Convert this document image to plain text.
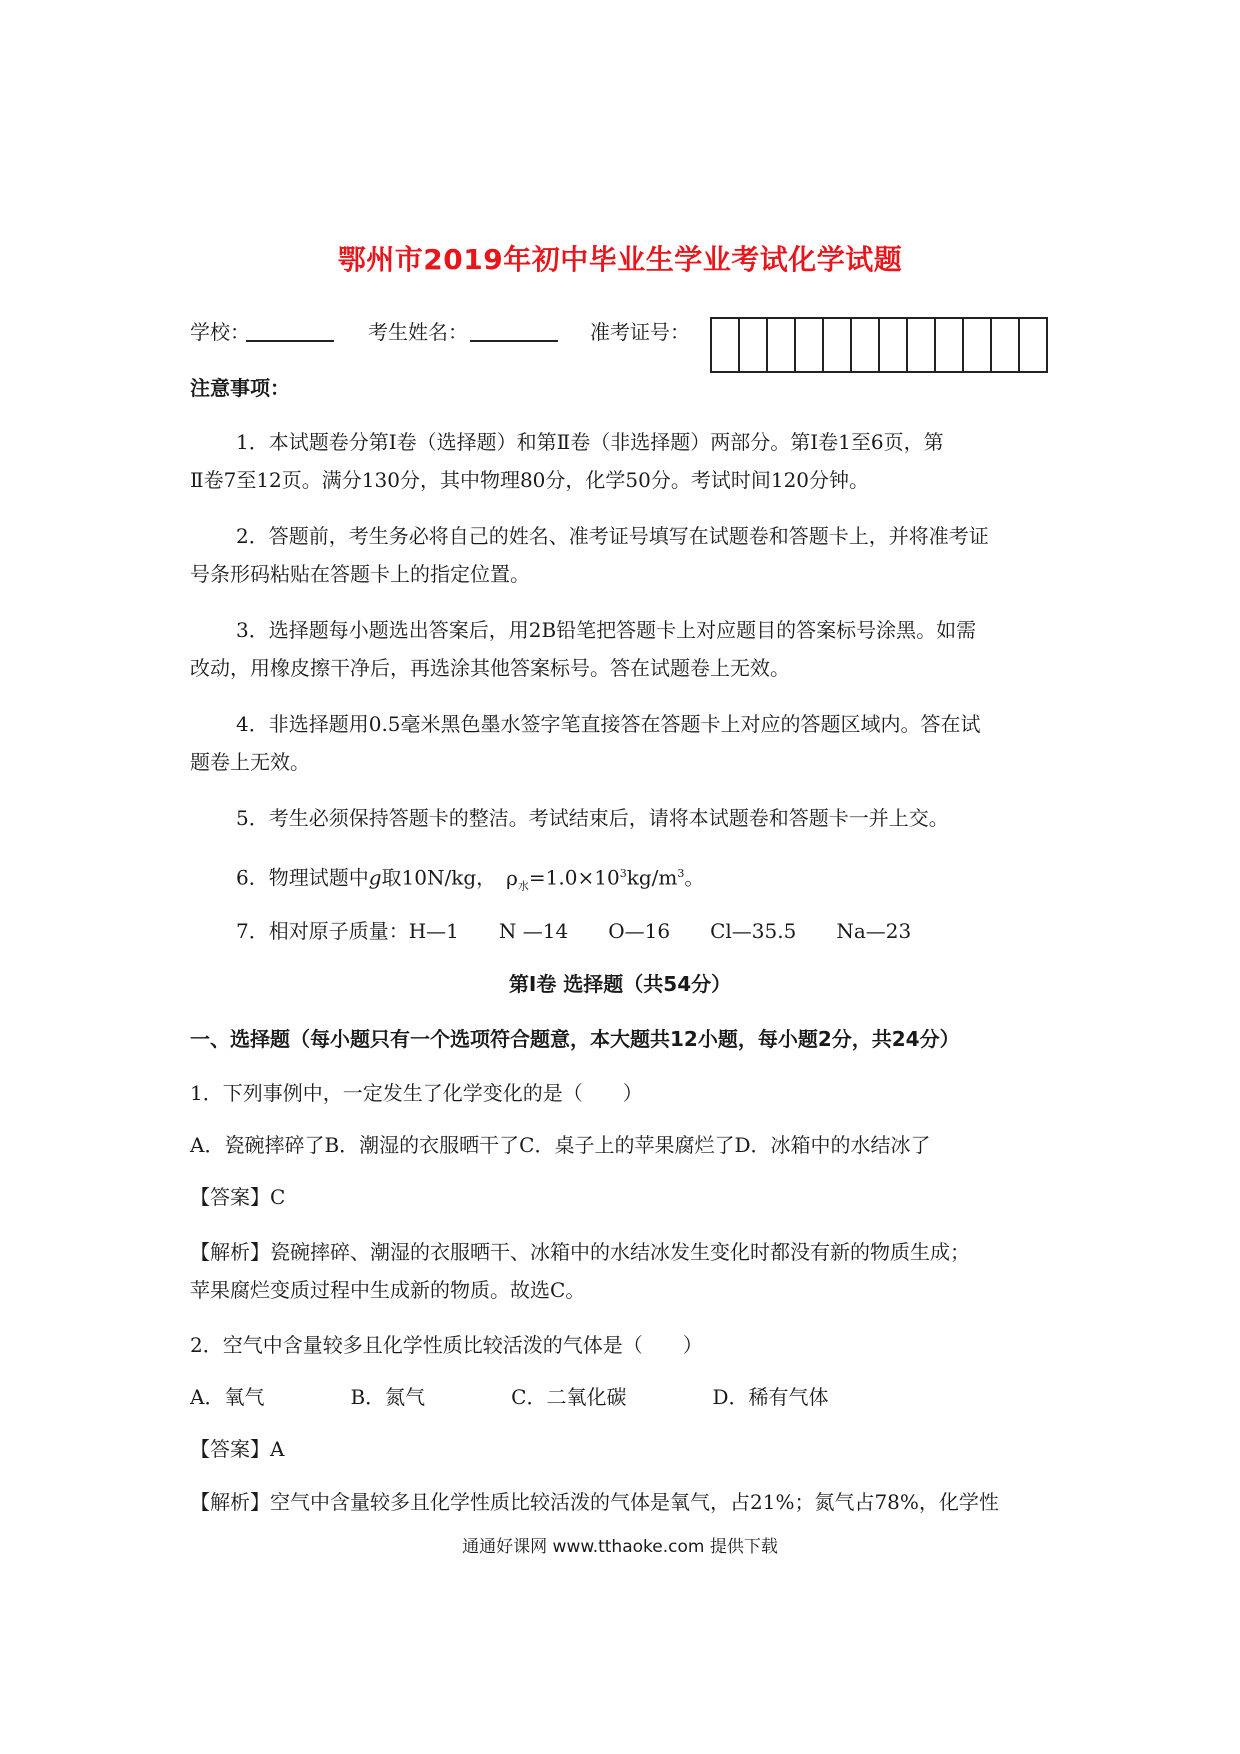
鄂州市2019年初中毕业生学业考试化学试题
学校：	考生姓名：	准考证号：
注意事项：
1．本试题卷分第Ⅰ卷（选择题）和第Ⅱ卷（非选择题）两部分。第Ⅰ卷1至6页，第
Ⅱ卷7至12页。满分130分，其中物理80分，化学50分。考试时间120分钟。
2．答题前，考生务必将自己的姓名、准考证号填写在试题卷和答题卡上，并将准考证
号条形码粘贴在答题卡上的指定位置。
3．选择题每小题选出答案后，用2B铅笔把答题卡上对应题目的答案标号涂黑。如需
改动，用橡皮擦干净后，再选涂其他答案标号。答在试题卷上无效。
4．非选择题用0.5毫米黑色墨水签字笔直接答在答题卡上对应的答题区域内。答在试
题卷上无效。
5．考生必须保持答题卡的整洁。考试结束后，请将本试题卷和答题卡一并上交。
6．物理试题中g取10N/kg， $\rho_水=1.0\times 10^3kg/m^3$。
7．相对原子质量：H—1 N —14 O—16 Cl—35.5 Na—23
第Ⅰ卷 选择题（共54分）
一、选择题（每小题只有一个选项符合题意，本大题共12小题，每小题2分，共24分）
1．下列事例中，一定发生了化学变化的是（　　）
A．瓷碗摔碎了B．潮湿的衣服晒干了C．桌子上的苹果腐烂了D．冰箱中的水结冰了
【答案】C
【解析】瓷碗摔碎、潮湿的衣服晒干、冰箱中的水结冰发生变化时都没有新的物质生成；
苹果腐烂变质过程中生成新的物质。故选C。
2．空气中含量较多且化学性质比较活泼的气体是（　　）
A．氧气	B．氮气	C．二氧化碳	D．稀有气体
【答案】A
【解析】空气中含量较多且化学性质比较活泼的气体是氧气，占21%；氮气占78%，化学性
通通好课网 www.tthaoke.com 提供下载
